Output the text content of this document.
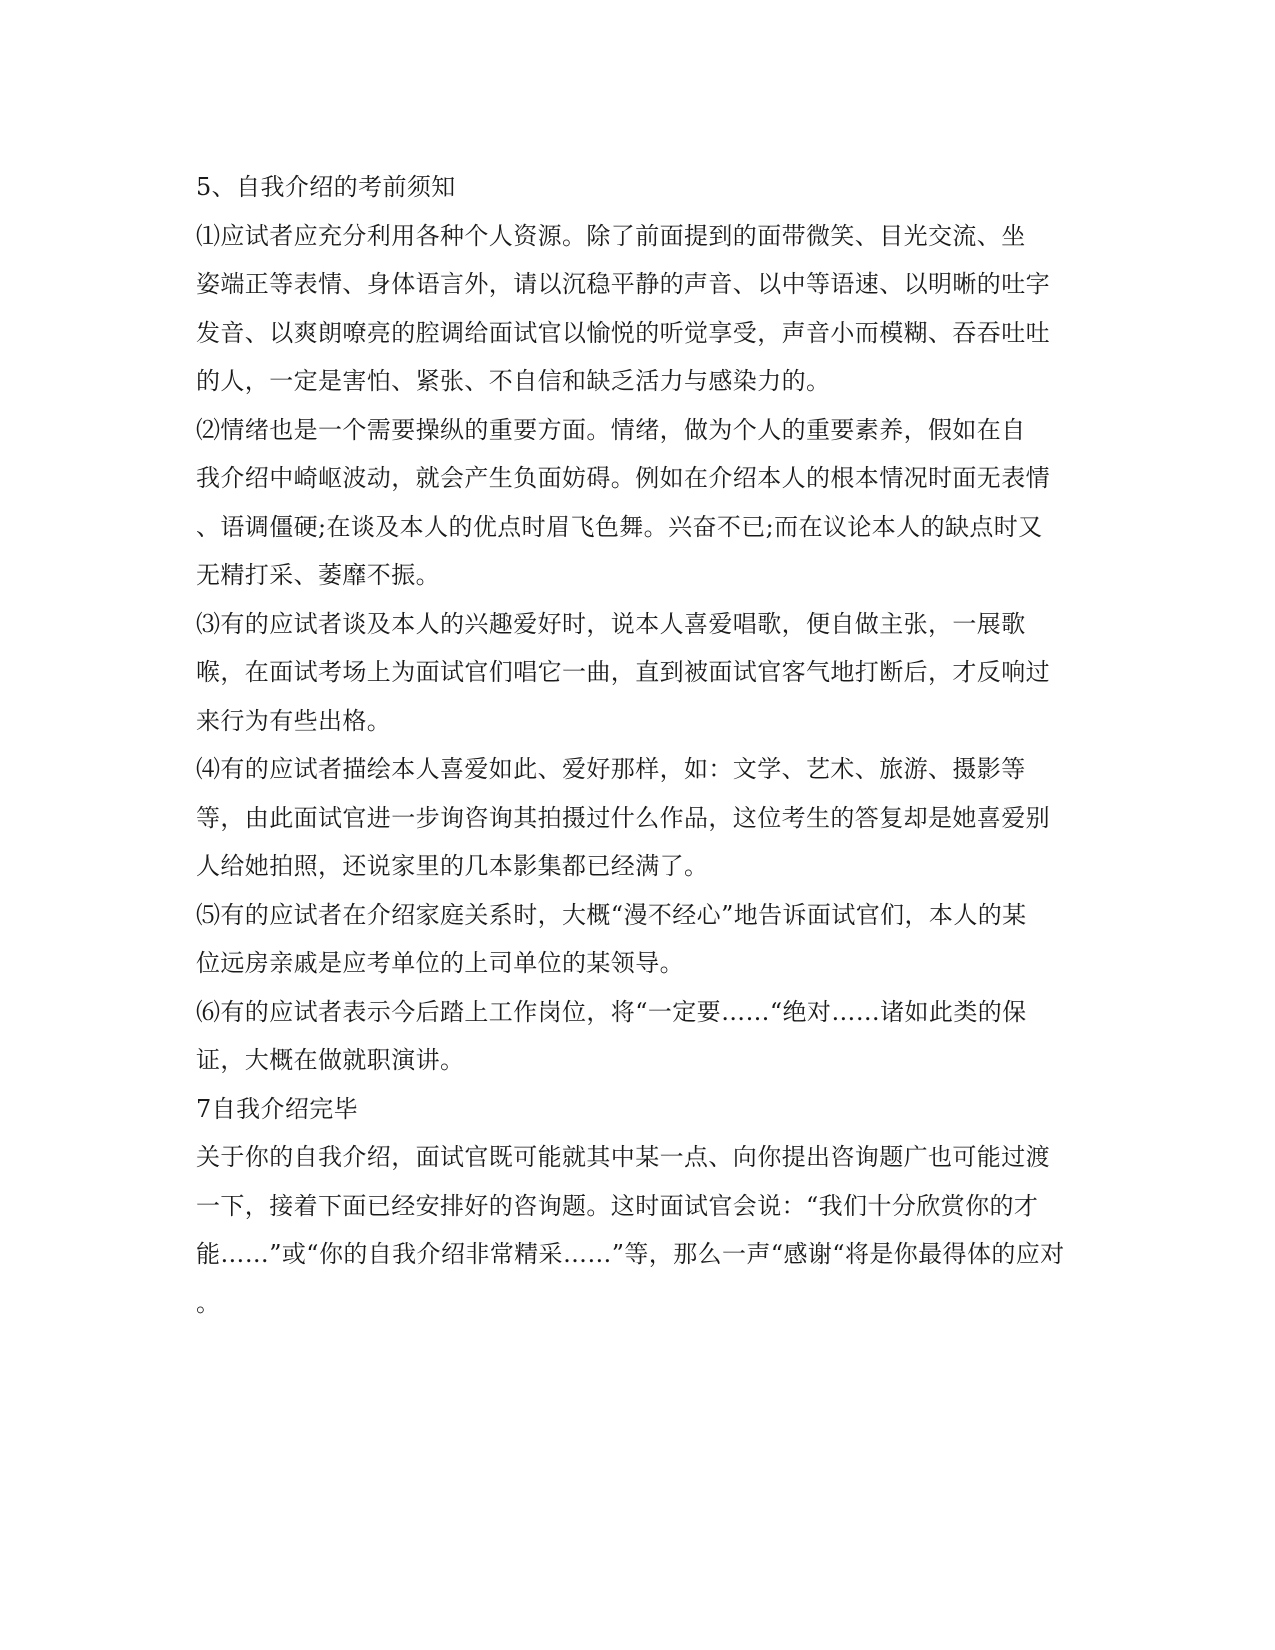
5、自我介绍的考前须知
⑴应试者应充分利用各种个人资源。除了前面提到的面带微笑、目光交流、坐
姿端正等表情、身体语言外，请以沉稳平静的声音、以中等语速、以明晰的吐字
发音、以爽朗嘹亮的腔调给面试官以愉悦的听觉享受，声音小而模糊、吞吞吐吐
的人，一定是害怕、紧张、不自信和缺乏活力与感染力的。
⑵情绪也是一个需要操纵的重要方面。情绪，做为个人的重要素养，假如在自
我介绍中崎岖波动，就会产生负面妨碍。例如在介绍本人的根本情况时面无表情
、语调僵硬;在谈及本人的优点时眉飞色舞。兴奋不已;而在议论本人的缺点时又
无精打采、萎靡不振。
⑶有的应试者谈及本人的兴趣爱好时，说本人喜爱唱歌，便自做主张，一展歌
喉，在面试考场上为面试官们唱它一曲，直到被面试官客气地打断后，才反响过
来行为有些出格。
⑷有的应试者描绘本人喜爱如此、爱好那样，如：文学、艺术、旅游、摄影等
等，由此面试官进一步询咨询其拍摄过什么作品，这位考生的答复却是她喜爱别
人给她拍照，还说家里的几本影集都已经满了。
⑸有的应试者在介绍家庭关系时，大概“漫不经心”地告诉面试官们，本人的某
位远房亲戚是应考单位的上司单位的某领导。
⑹有的应试者表示今后踏上工作岗位，将“一定要……“绝对……诸如此类的保
证，大概在做就职演讲。
7自我介绍完毕
关于你的自我介绍，面试官既可能就其中某一点、向你提出咨询题广也可能过渡
一下，接着下面已经安排好的咨询题。这时面试官会说：“我们十分欣赏你的才
能……”或“你的自我介绍非常精采……”等，那么一声“感谢“将是你最得体的应对
。
